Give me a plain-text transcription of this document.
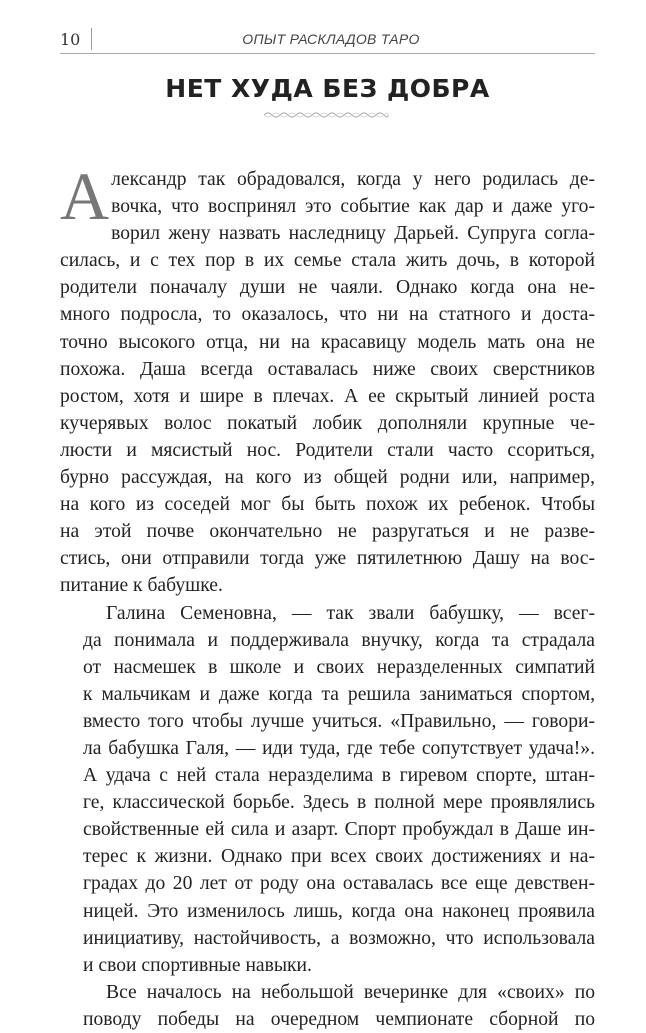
10	ОПЫТ РАСКЛАДОВ ТАРО
НЕТ ХУДА БЕЗ ДОБРА

А лександр так обрадовался, когда у него родилась де-
вочка, что воспринял это событие как дар и даже уго-
ворил жену назвать наследницу Дарьей. Супруга согла-
силась, и с тех пор в их семье стала жить дочь, в которой
родители поначалу души не чаяли. Однако когда она не-
много подросла, то оказалось, что ни на статного и доста-
точно высокого отца, ни на красавицу модель мать она не
похожа. Даша всегда оставалась ниже своих сверстников
ростом, хотя и шире в плечах. А ее скрытый линией роста
кучерявых волос покатый лобик дополняли крупные че-
люсти и мясистый нос. Родители стали часто ссориться,
бурно рассуждая, на кого из общей родни или, например,
на кого из соседей мог бы быть похож их ребенок. Чтобы
на этой почве окончательно не разругаться и не разве-
стись, они отправили тогда уже пятилетнюю Дашу на вос-
питание к бабушке.

Галина Семеновна, — так звали бабушку, — всег-
да понимала и поддерживала внучку, когда та страдала
от насмешек в школе и своих неразделенных симпатий
к мальчикам и даже когда та решила заниматься спортом,
вместо того чтобы лучше учиться. «Правильно, — говори-
ла бабушка Галя, — иди туда, где тебе сопутствует удача!».
А удача с ней стала неразделима в гиревом спорте, штан-
ге, классической борьбе. Здесь в полной мере проявлялись
свойственные ей сила и азарт. Спорт пробуждал в Даше ин-
терес к жизни. Однако при всех своих достижениях и на-
градах до 20 лет от роду она оставалась все еще девствен-
ницей. Это изменилось лишь, когда она наконец проявила
инициативу, настойчивость, а возможно, что использовала
и свои спортивные навыки.

Все началось на небольшой вечеринке для «своих» по
поводу победы на очередном чемпионате сборной по
